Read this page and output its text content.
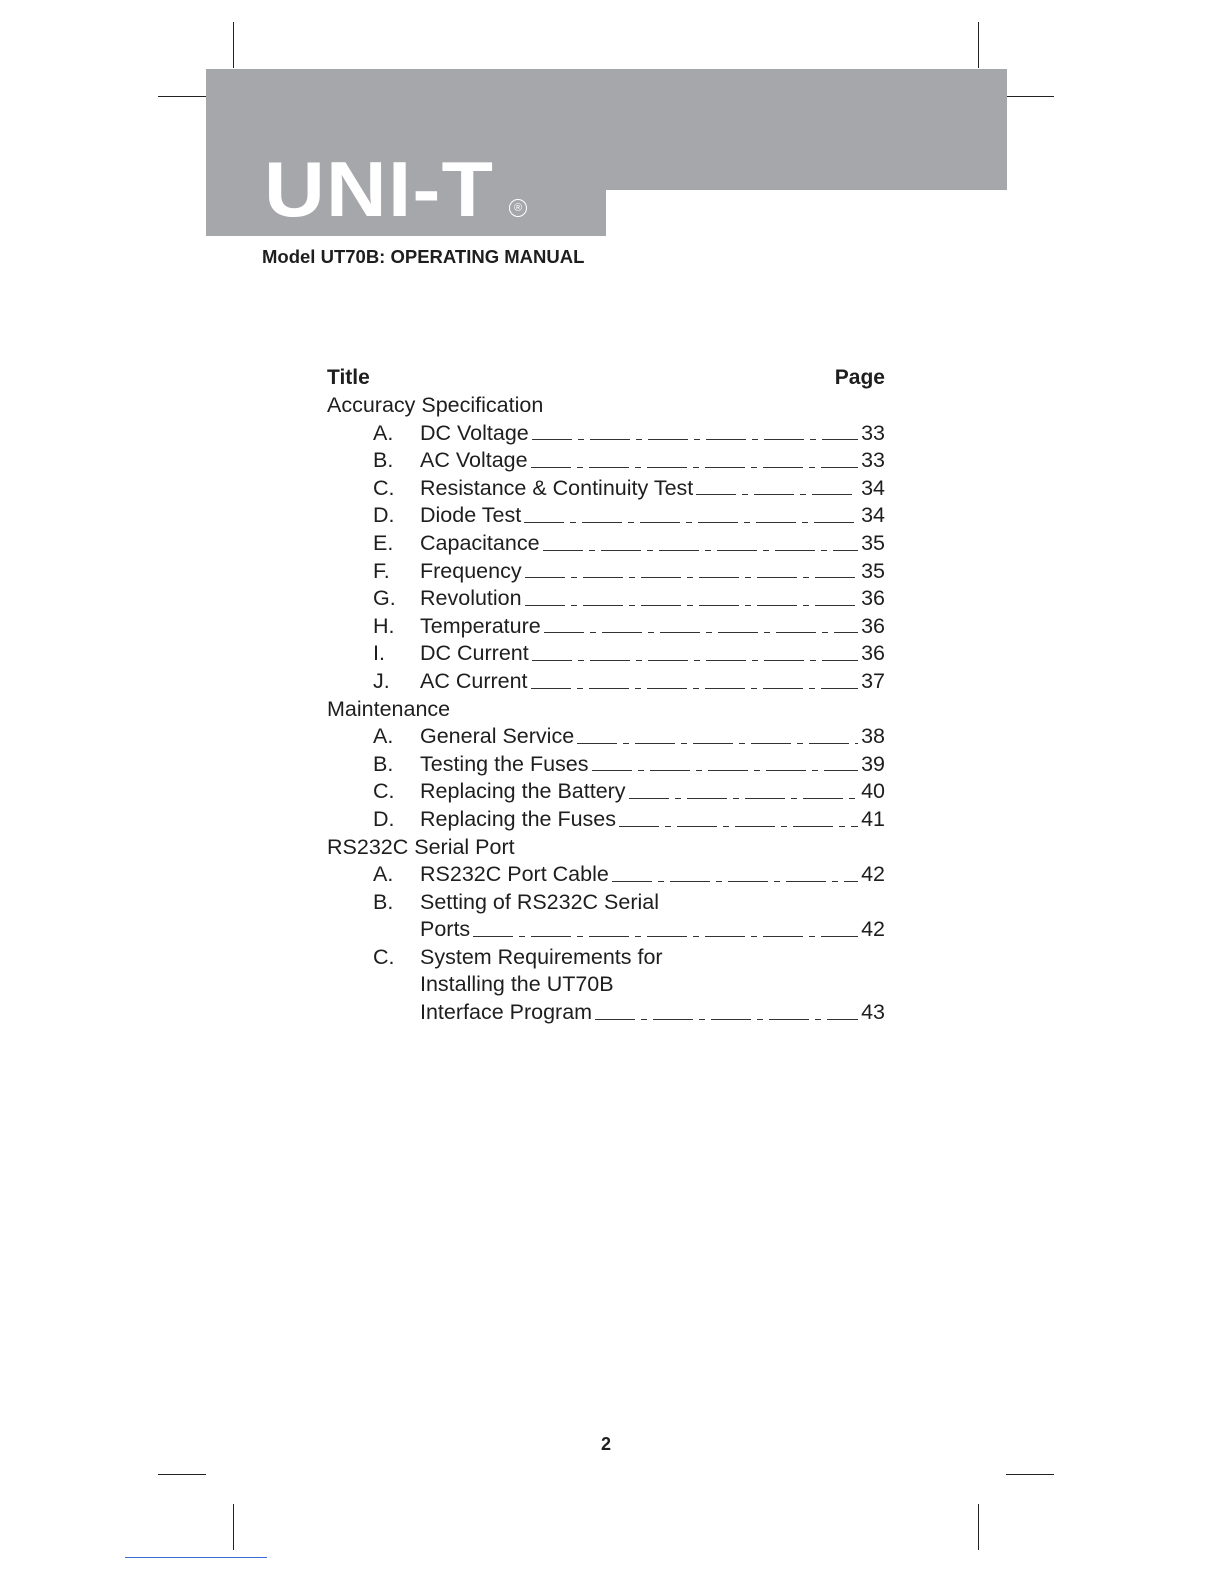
UNI-T	®
Model UT70B: OPERATING MANUAL
Title	Page
Accuracy Specification
A.	DC Voltage	33
B.	AC Voltage	33
C.	Resistance & Continuity Test	34
D.	Diode Test	34
E.	Capacitance	35
F.	Frequency	35
G.	Revolution	36
H.	Temperature	36
I.	DC Current	36
J.	AC Current	37
Maintenance
A.	General Service	38
B.	Testing the Fuses	39
C.	Replacing the Battery	40
D.	Replacing the Fuses	41
RS232C Serial Port
A.	RS232C Port Cable	42
B.	Setting of RS232C Serial
Ports	42
C.	System Requirements for
Installing the UT70B
Interface Program	43
2
